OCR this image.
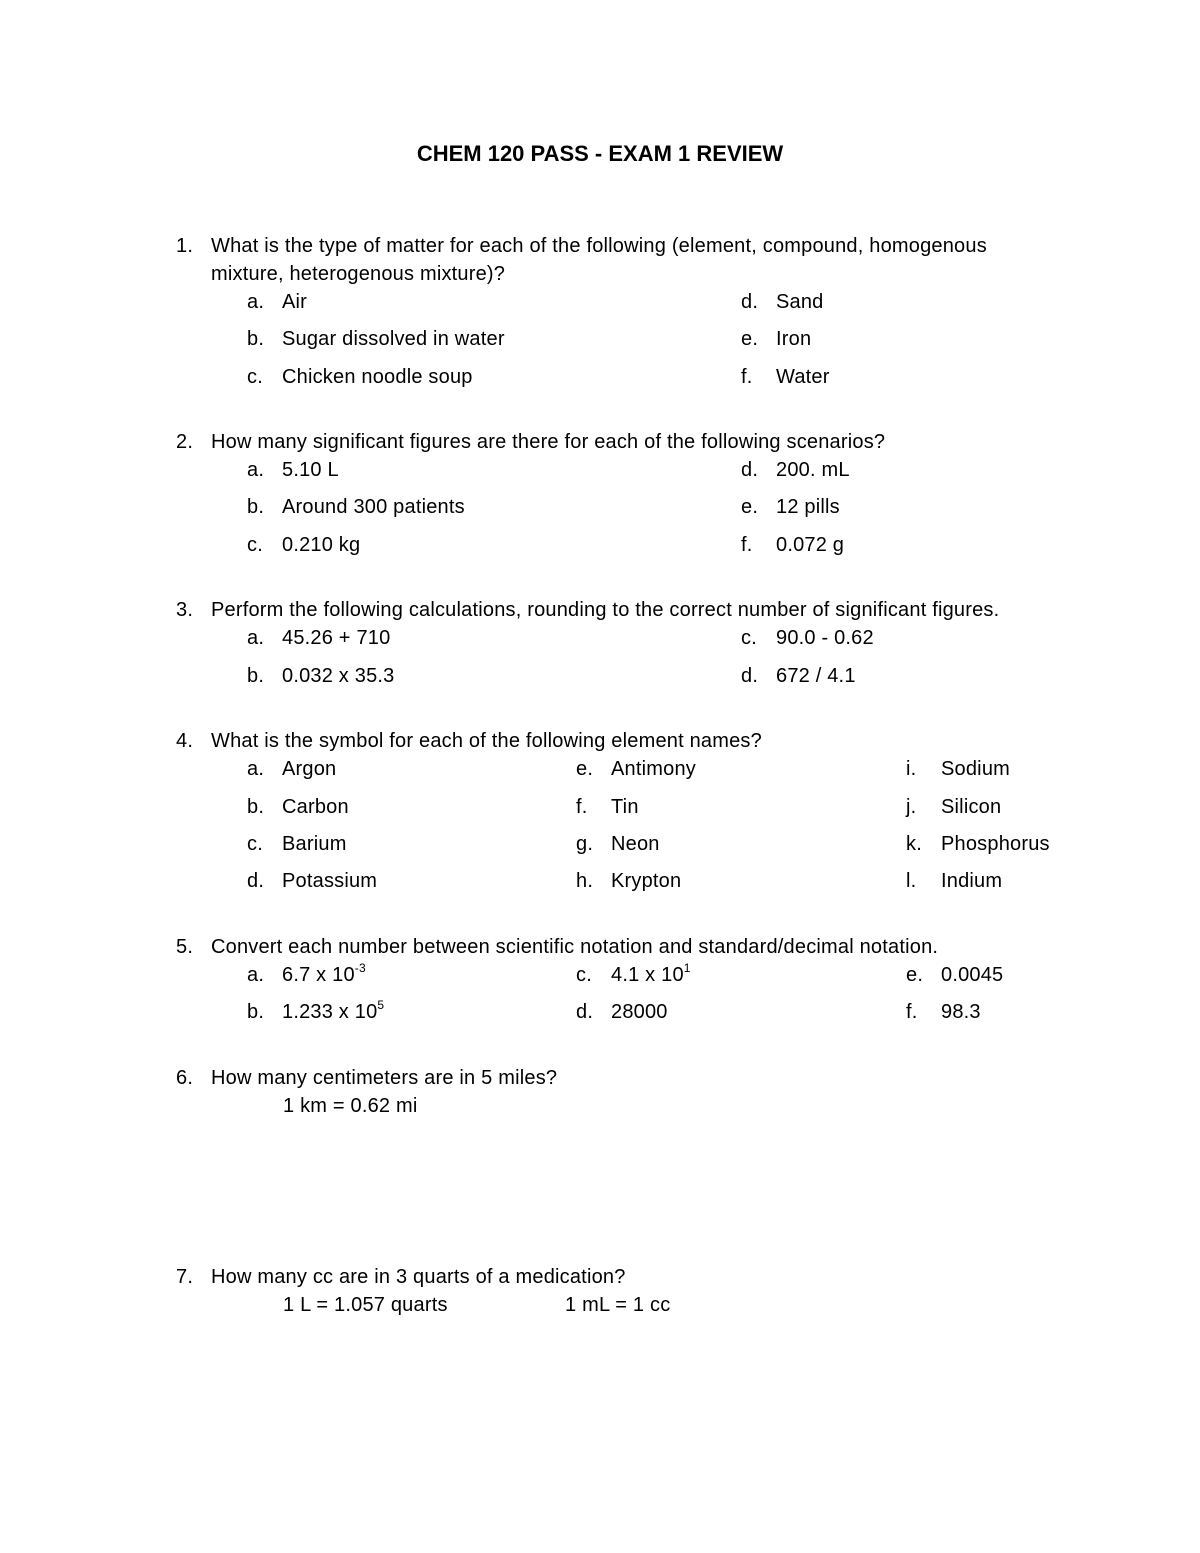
CHEM 120 PASS - EXAM 1 REVIEW
1. What is the type of matter for each of the following (element, compound, homogenous
mixture, heterogenous mixture)?
a. Air
b. Sugar dissolved in water
c. Chicken noodle soup
d. Sand
e. Iron
f. Water
2. How many significant figures are there for each of the following scenarios?
a. 5.10 L
b. Around 300 patients
c. 0.210 kg
d. 200. mL
e. 12 pills
f. 0.072 g
3. Perform the following calculations, rounding to the correct number of significant figures.
a. 45.26 + 710
b. 0.032 x 35.3
c. 90.0 - 0.62
d. 672 / 4.1
4. What is the symbol for each of the following element names?
a. Argon
b. Carbon
c. Barium
d. Potassium
e. Antimony
f. Tin
g. Neon
h. Krypton
i. Sodium
j. Silicon
k. Phosphorus
l. Indium
5. Convert each number between scientific notation and standard/decimal notation.
a. 6.7 x $10^{-3}$
b. 1.233 x $10^5$
c. 4.1 x $10^1$
d. 28000
e. 0.0045
f. 98.3
6. How many centimeters are in 5 miles?
1 km = 0.62 mi
7. How many cc are in 3 quarts of a medication?
1 L = 1.057 quarts	1 mL = 1 cc
